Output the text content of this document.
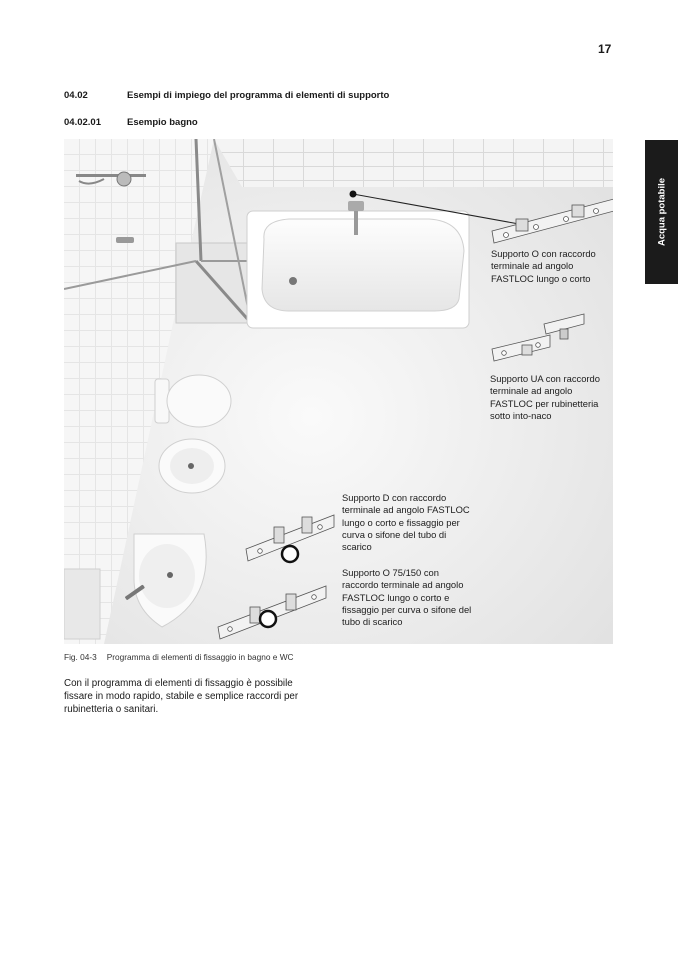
17
Acqua potabile
04.02	Esempi di impiego del programma di elementi di supporto
04.02.01	Esempio bagno
Supporto O con raccordo terminale ad angolo FASTLOC lungo o corto
Supporto UA con raccordo terminale ad angolo FASTLOC per rubinetteria sotto into-naco
Supporto D con raccordo terminale ad angolo FASTLOC lungo o corto e fissaggio per curva o sifone del tubo di scarico
Supporto O 75/150 con raccordo terminale ad angolo FASTLOC lungo o corto e fissaggio per curva o sifone del tubo di scarico
Fig. 04-3 Programma di elementi di fissaggio in bagno e WC
Con il programma di elementi di fissaggio è possibile fissare in modo rapido, stabile e semplice raccordi per rubinetteria o sanitari.
